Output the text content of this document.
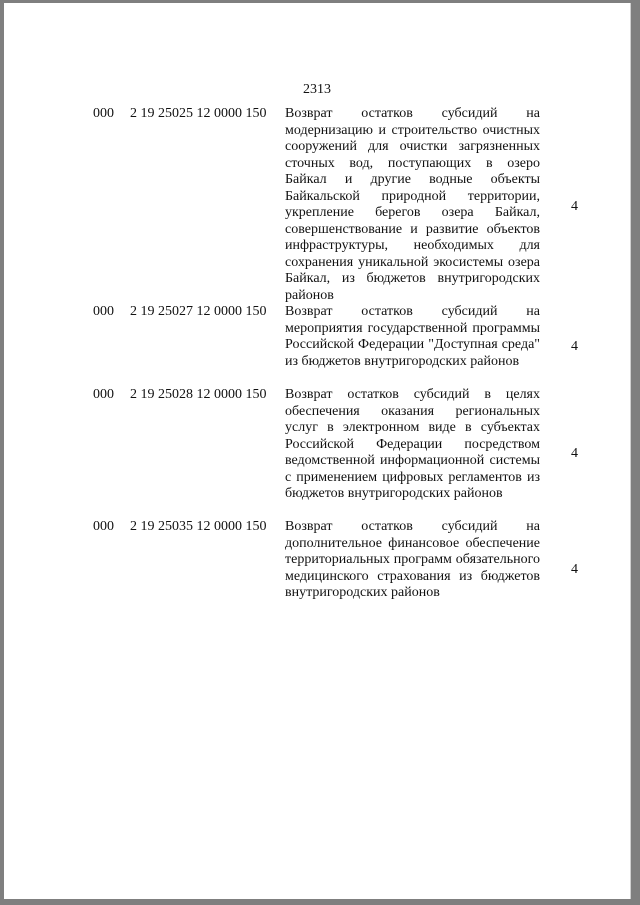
2313
000 2 19 25025 12 0000 150 Возврат остатков субсидий на модернизацию и строительство очистных сооружений для очистки загрязненных сточных вод, поступающих в озеро Байкал и другие водные объекты Байкальской природной территории, укрепление берегов озера Байкал, совершенствование и развитие объектов инфраструктуры, необходимых для сохранения уникальной экосистемы озера Байкал, из бюджетов внутригородских районов
4
000 2 19 25027 12 0000 150 Возврат остатков субсидий на мероприятия государственной программы Российской Федерации "Доступная среда" из бюджетов внутригородских районов
4
000 2 19 25028 12 0000 150 Возврат остатков субсидий в целях обеспечения оказания региональных услуг в электронном виде в субъектах Российской Федерации посредством ведомственной информационной системы с применением цифровых регламентов из бюджетов внутригородских районов
4
000 2 19 25035 12 0000 150 Возврат остатков субсидий на дополнительное финансовое обеспечение территориальных программ обязательного медицинского страхования из бюджетов внутригородских районов
4
